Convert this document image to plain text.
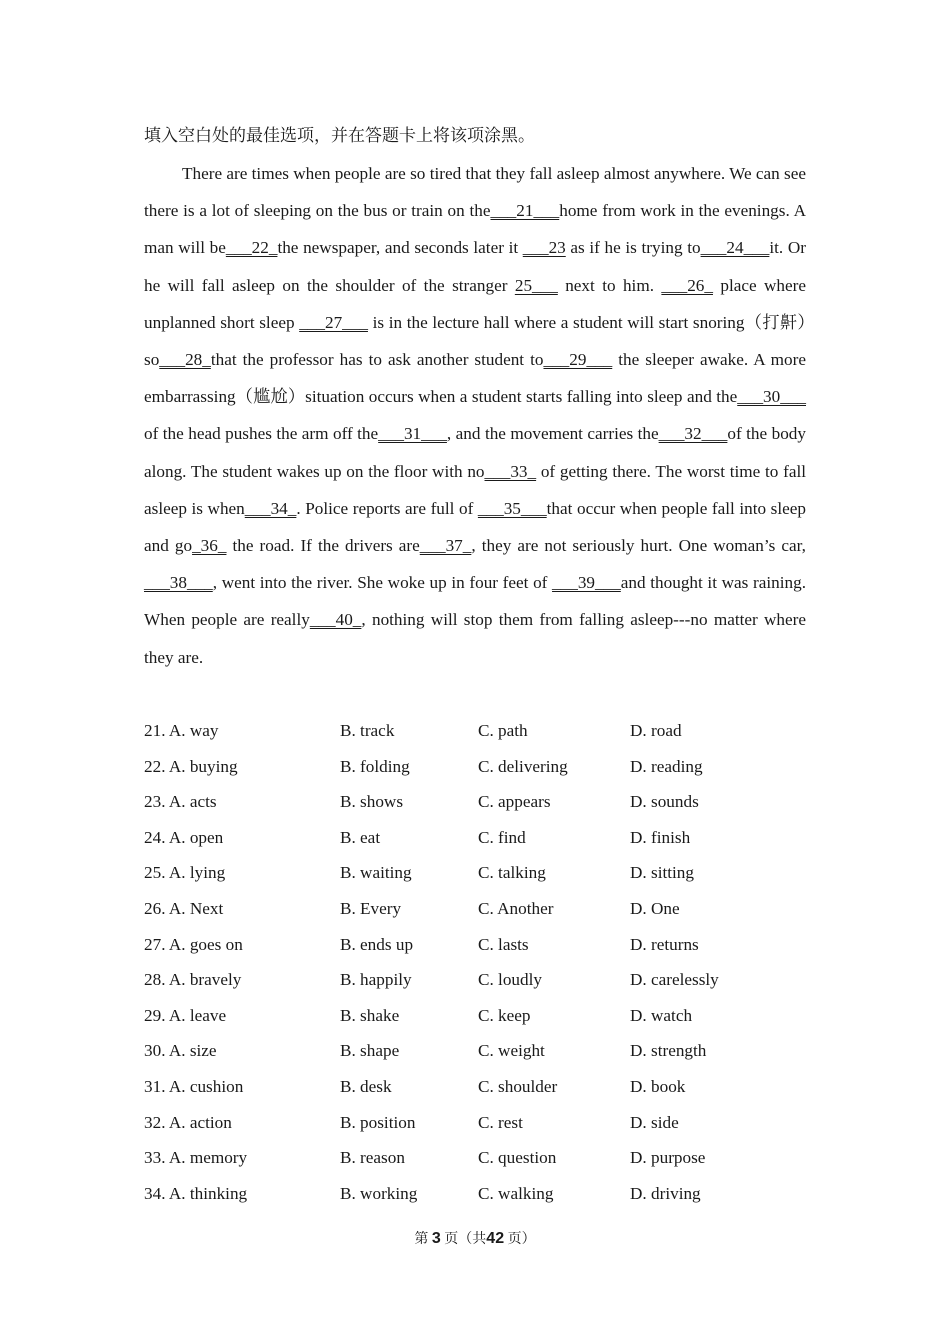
填入空白处的最佳选项，并在答题卡上将该项涂黑。

There are times when people are so tired that they fall asleep almost anywhere. We can see there is a lot of sleeping on the bus or train on the___21___home from work in the evenings. A man will be___22_the newspaper, and seconds later it ___23 as if he is trying to___24___it. Or he will fall asleep on the shoulder of the stranger 25___ next to him. ___26_ place where unplanned short sleep ___27___ is in the lecture hall where a student will start snoring（打鼾）so___28_that the professor has to ask another student to___29___ the sleeper awake. A more embarrassing（尴尬）situation occurs when a student starts falling into sleep and the___30___ of the head pushes the arm off the___31___, and the movement carries the___32___of the body along. The student wakes up on the floor with no___33_ of getting there. The worst time to fall asleep is when___34_. Police reports are full of ___35___that occur when people fall into sleep and go_36_ the road. If the drivers are___37_, they are not seriously hurt. One woman’s car, ___38___, went into the river. She woke up in four feet of ___39___and thought it was raining. When people are really___40_, nothing will stop them from falling asleep---no matter where they are.

21. A. way	B. track	C. path	D. road
22. A. buying	B. folding	C. delivering	D. reading
23. A. acts	B. shows	C. appears	D. sounds
24. A. open	B. eat	C. find	D. finish
25. A. lying	B. waiting	C. talking	D. sitting
26. A. Next	B. Every	C. Another	D. One
27. A. goes on	B. ends up	C. lasts	D. returns
28. A. bravely	B. happily	C. loudly	D. carelessly
29. A. leave	B. shake	C. keep	D. watch
30. A. size	B. shape	C. weight	D. strength
31. A. cushion	B. desk	C. shoulder	D. book
32. A. action	B. position	C. rest	D. side
33. A. memory	B. reason	C. question	D. purpose
34. A. thinking	B. working	C. walking	D. driving
第 3 页（共42 页）
